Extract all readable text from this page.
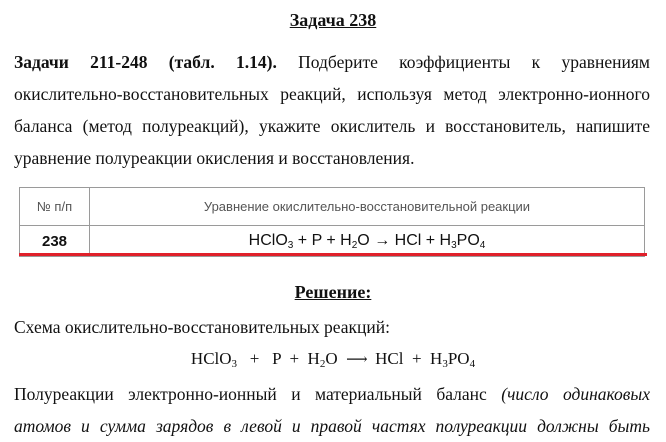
Задача 238
Задачи 211-248 (табл. 1.14). Подберите коэффициенты к уравнениям
окислительно-восстановительных реакций, используя метод электронно-ионного
баланса (метод полуреакций), укажите окислитель и восстановитель, напишите
уравнение полуреакции окисления и восстановления.
№ п/п	Уравнение окислительно-восстановительной реакции
238	HClO$_3$ + $P + H_2O$ → HCl + $H_3PO_4$
Решение:
Схема окислительно-восстановительных реакций:
HClO$_3$   +   $P + H_2O$  ⟶  HCl  +  $H_3PO_4$
Полуреакции электронно-ионный и материальный баланс (число одинаковых
атомов и сумма зарядов в левой и правой частях полуреакции должны быть
